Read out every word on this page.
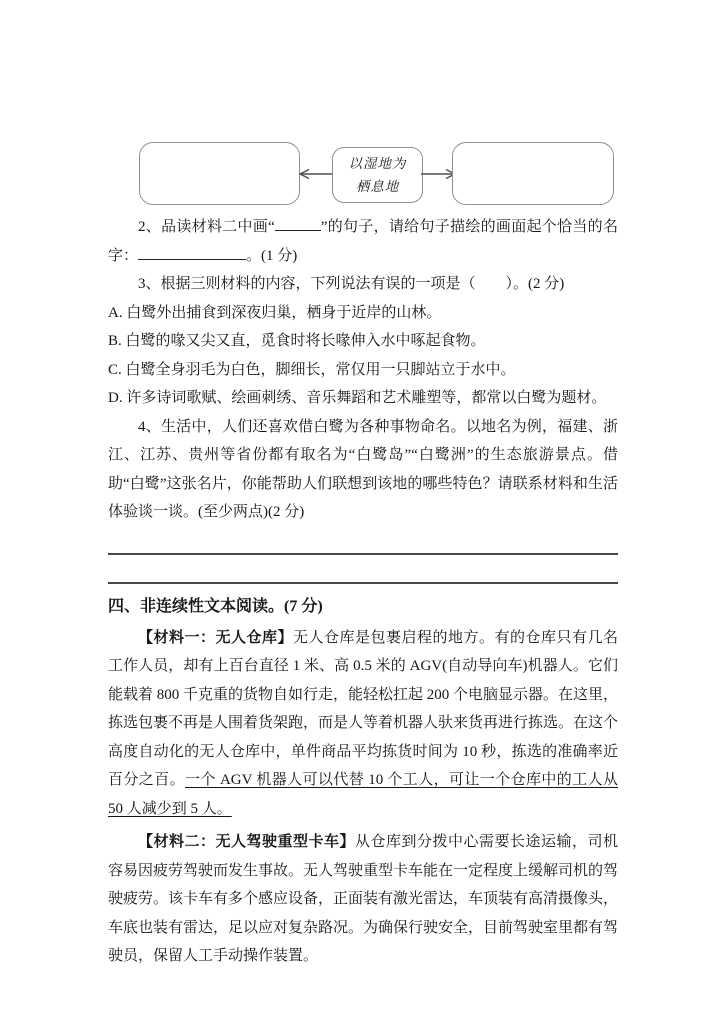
以湿地为
栖息地

2、品读材料二中画“	”的句子，请给句子描绘的画面起个恰当的名字：	。(1 分)

3、根据三则材料的内容，下列说法有误的一项是（　　）。(2 分)

A. 白鹭外出捕食到深夜归巢，栖身于近岸的山林。

B. 白鹭的喙又尖又直，觅食时将长喙伸入水中啄起食物。

C. 白鹭全身羽毛为白色，脚细长，常仅用一只脚站立于水中。

D. 许多诗词歌赋、绘画刺绣、音乐舞蹈和艺术雕塑等，都常以白鹭为题材。

4、生活中，人们还喜欢借白鹭为各种事物命名。以地名为例，福建、浙江、江苏、贵州等省份都有取名为“白鹭岛”“白鹭洲”的生态旅游景点。借助“白鹭”这张名片，你能帮助人们联想到该地的哪些特色？请联系材料和生活体验谈一谈。(至少两点)(2 分)

四、非连续性文本阅读。(7 分)

【材料一：无人仓库】无人仓库是包裹启程的地方。有的仓库只有几名工作人员，却有上百台直径 1 米、高 0.5 米的 AGV(自动导向车)机器人。它们能载着 800 千克重的货物自如行走，能轻松扛起 200 个电脑显示器。在这里，拣选包裹不再是人围着货架跑，而是人等着机器人驮来货再进行拣选。在这个高度自动化的无人仓库中，单件商品平均拣货时间为 10 秒，拣选的准确率近百分之百。一个 AGV 机器人可以代替 10 个工人，可让一个仓库中的工人从 50 人减少到 5 人。

【材料二：无人驾驶重型卡车】从仓库到分拨中心需要长途运输，司机容易因疲劳驾驶而发生事故。无人驾驶重型卡车能在一定程度上缓解司机的驾驶疲劳。该卡车有多个感应设备，正面装有激光雷达，车顶装有高清摄像头，车底也装有雷达，足以应对复杂路况。为确保行驶安全，目前驾驶室里都有驾驶员，保留人工手动操作装置。
